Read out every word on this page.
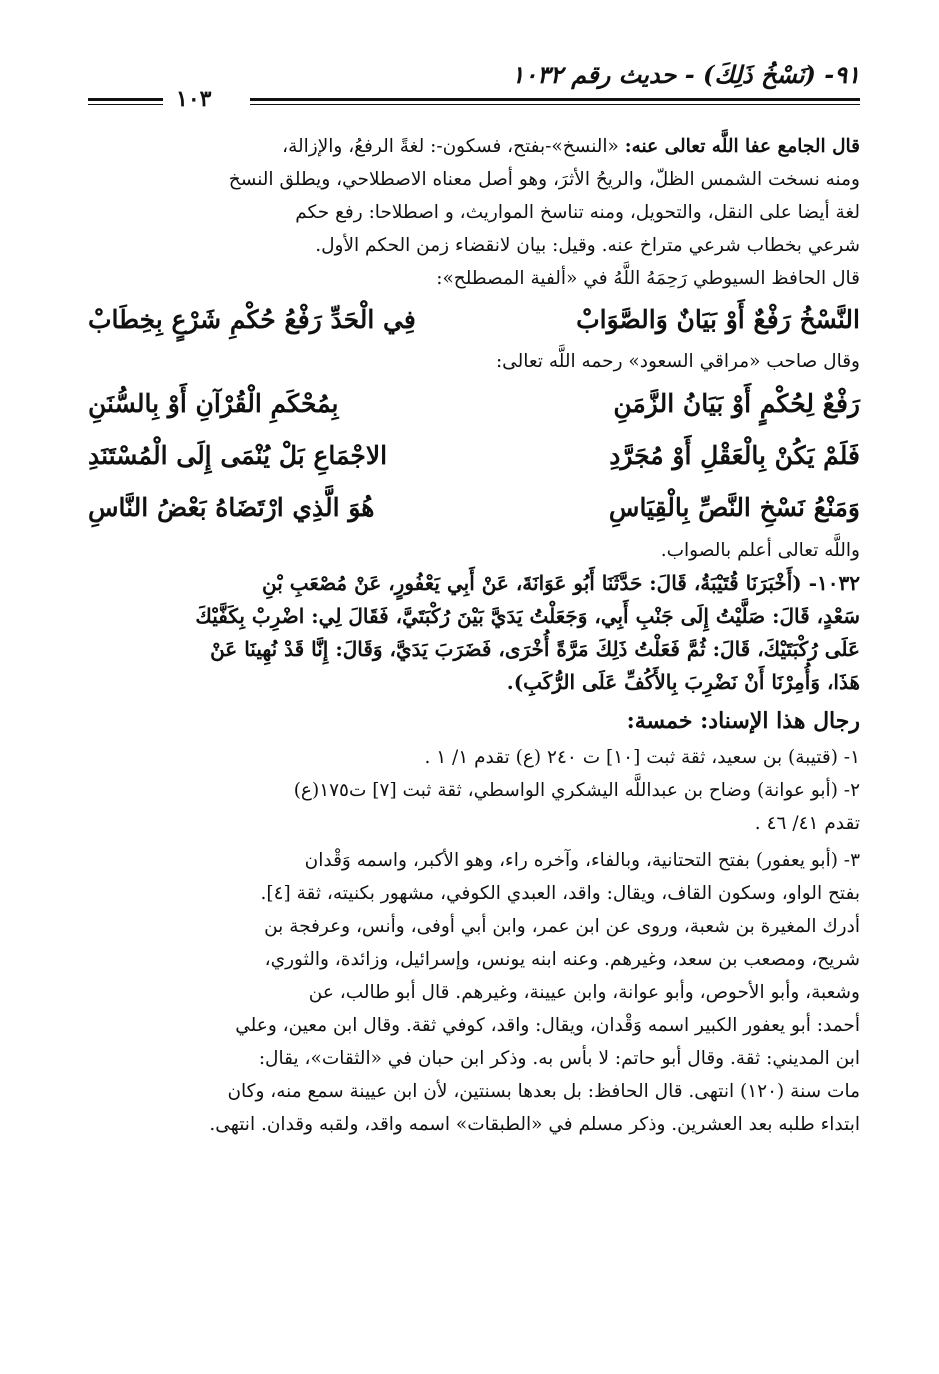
٩١- (نَسْخُ ذَلِكَ) - حديث رقم ١٠٣٢
١٠٣

قال الجامع عفا اللَّه تعالى عنه: «النسخ»-بفتح، فسكون-: لغةً الرفعُ، والإزالة،

ومنه نسخت الشمس الظلّ، والريحُ الأثرَ، وهو أصل معناه الاصطلاحي، ويطلق النسخ

لغة أيضا على النقل، والتحويل، ومنه تناسخ المواريث، و اصطلاحا: رفع حكم

شرعي بخطاب شرعي متراخ عنه. وقيل: بيان لانقضاء زمن الحكم الأول.

قال الحافظ السيوطي رَحِمَهُ اللَّهُ في «ألفية المصطلح»:

النَّسْخُ رَفْعٌ أَوْ بَيَانٌ وَالصَّوَابْ
فِي الْحَدِّ رَفْعُ حُكْمِ شَرْعٍ بِخِطَابْ

وقال صاحب «مراقي السعود» رحمه اللَّه تعالى:

رَفْعٌ لِحُكْمٍ أَوْ بَيَانُ الزَّمَنِ
بِمُحْكَمِ الْقُرْآنِ أَوْ بِالسُّنَنِ
فَلَمْ يَكُنْ بِالْعَقْلِ أَوْ مُجَرَّدِ
الاجْمَاعِ بَلْ يُنْمَى إِلَى الْمُسْتَنَدِ
وَمَنْعُ نَسْخِ النَّصِّ بِالْقِيَاسِ
هُوَ الَّذِي ارْتَضَاهُ بَعْضُ النَّاسِ

واللَّه تعالى أعلم بالصواب.

١٠٣٢- (أَخْبَرَنَا قُتَيْبَةُ، قَالَ: حَدَّثَنَا أَبُو عَوَانَةَ، عَنْ أَبِي يَعْفُورٍ، عَنْ مُصْعَبِ بْنِ
سَعْدٍ، قَالَ: صَلَّيْتُ إِلَى جَنْبِ أَبِي، وَجَعَلْتُ يَدَيَّ بَيْنَ رُكْبَتَيَّ، فَقَالَ لِي: اضْرِبْ بِكَفَّيْكَ
عَلَى رُكْبَتَيْكَ، قَالَ: ثُمَّ فَعَلْتُ ذَلِكَ مَرَّةً أُخْرَى، فَضَرَبَ يَدَيَّ، وَقَالَ: إِنَّا قَدْ نُهِينَا عَنْ
هَذَا، وَأُمِرْنَا أَنْ نَضْرِبَ بِالأَكُفِّ عَلَى الرُّكَبِ).
رجال هذا الإسناد: خمسة:

١- (قتيبة) بن سعيد، ثقة ثبت [١٠] ت ٢٤٠ (ع) تقدم ١/ ١ .

٢- (أبو عوانة) وضاح بن عبداللَّه اليشكري الواسطي، ثقة ثبت [٧] ت١٧٥(ع)

تقدم ٤١/ ٤٦ .

٣- (أبو يعفور) بفتح التحتانية، وبالفاء، وآخره راء، وهو الأكبر، واسمه وَقْدان

بفتح الواو، وسكون القاف، ويقال: واقد، العبدي الكوفي، مشهور بكنيته، ثقة [٤].

أدرك المغيرة بن شعبة، وروى عن ابن عمر، وابن أبي أوفى، وأنس، وعرفجة بن

شريح، ومصعب بن سعد، وغيرهم. وعنه ابنه يونس، وإسرائيل، وزائدة، والثوري،

وشعبة، وأبو الأحوص، وأبو عوانة، وابن عيينة، وغيرهم. قال أبو طالب، عن

أحمد: أبو يعفور الكبير اسمه وَقْدان، ويقال: واقد، كوفي ثقة. وقال ابن معين، وعلي

ابن المديني: ثقة. وقال أبو حاتم: لا بأس به. وذكر ابن حبان في «الثقات»، يقال:

مات سنة (١٢٠) انتهى. قال الحافظ: بل بعدها بسنتين، لأن ابن عيينة سمع منه، وكان

ابتداء طلبه بعد العشرين. وذكر مسلم في «الطبقات» اسمه واقد، ولقبه وقدان. انتهى.
